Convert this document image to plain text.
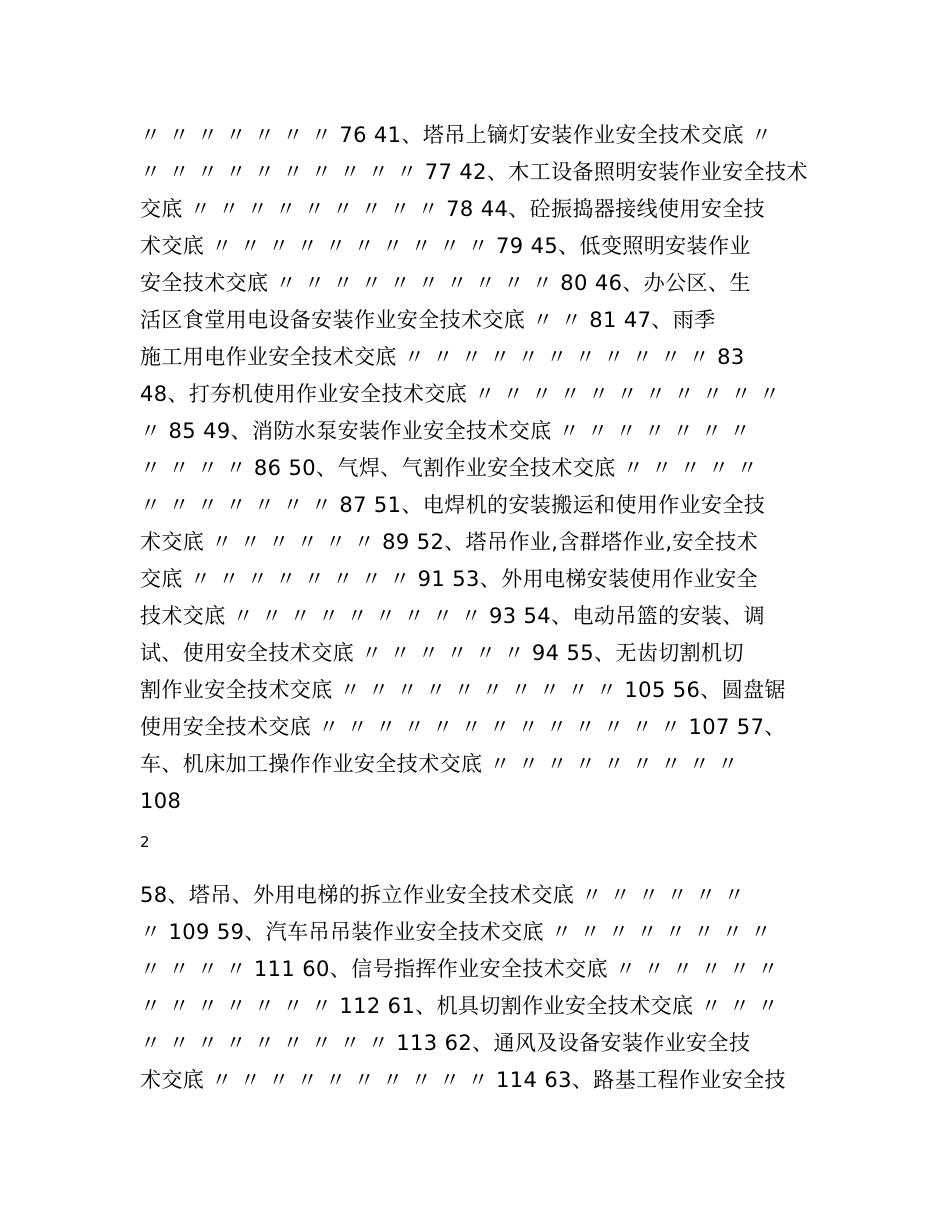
〃 〃 〃 〃 〃 〃 〃 76 41、塔吊上镝灯安装作业安全技术交底 〃
〃 〃 〃 〃 〃 〃 〃 〃 〃 〃 77 42、木工设备照明安装作业安全技术
交底 〃 〃 〃 〃 〃 〃 〃 〃 〃 78 44、砼振捣器接线使用安全技
术交底 〃 〃 〃 〃 〃 〃 〃 〃 〃 〃 79 45、低变照明安装作业
安全技术交底 〃 〃 〃 〃 〃 〃 〃 〃 〃 〃 80 46、办公区、生
活区食堂用电设备安装作业安全技术交底 〃 〃 81 47、雨季
施工用电作业安全技术交底 〃 〃 〃 〃 〃 〃 〃 〃 〃 〃 〃 83
48、打夯机使用作业安全技术交底 〃 〃 〃 〃 〃 〃 〃 〃 〃 〃 〃
〃 85 49、消防水泵安装作业安全技术交底 〃 〃 〃 〃 〃 〃 〃
〃 〃 〃 〃 86 50、气焊、气割作业安全技术交底 〃 〃 〃 〃 〃
〃 〃 〃 〃 〃 〃 〃 87 51、电焊机的安装搬运和使用作业安全技
术交底 〃 〃 〃 〃 〃 〃 89 52、塔吊作业,含群塔作业,安全技术
交底 〃 〃 〃 〃 〃 〃 〃 〃 91 53、外用电梯安装使用作业安全
技术交底 〃 〃 〃 〃 〃 〃 〃 〃 〃 93 54、电动吊篮的安装、调
试、使用安全技术交底 〃 〃 〃 〃 〃 〃 94 55、无齿切割机切
割作业安全技术交底 〃 〃 〃 〃 〃 〃 〃 〃 〃 〃 105 56、圆盘锯
使用安全技术交底 〃 〃 〃 〃 〃 〃 〃 〃 〃 〃 〃 〃 〃 107 57、
车、机床加工操作作业安全技术交底 〃 〃 〃 〃 〃 〃 〃 〃 〃
108
2
58、塔吊、外用电梯的拆立作业安全技术交底 〃 〃 〃 〃 〃 〃
〃 109 59、汽车吊吊装作业安全技术交底 〃 〃 〃 〃 〃 〃 〃 〃
〃 〃 〃 〃 111 60、信号指挥作业安全技术交底 〃 〃 〃 〃 〃 〃
〃 〃 〃 〃 〃 〃 〃 112 61、机具切割作业安全技术交底 〃 〃 〃
〃 〃 〃 〃 〃 〃 〃 〃 〃 113 62、通风及设备安装作业安全技
术交底 〃 〃 〃 〃 〃 〃 〃 〃 〃 〃 114 63、路基工程作业安全技
